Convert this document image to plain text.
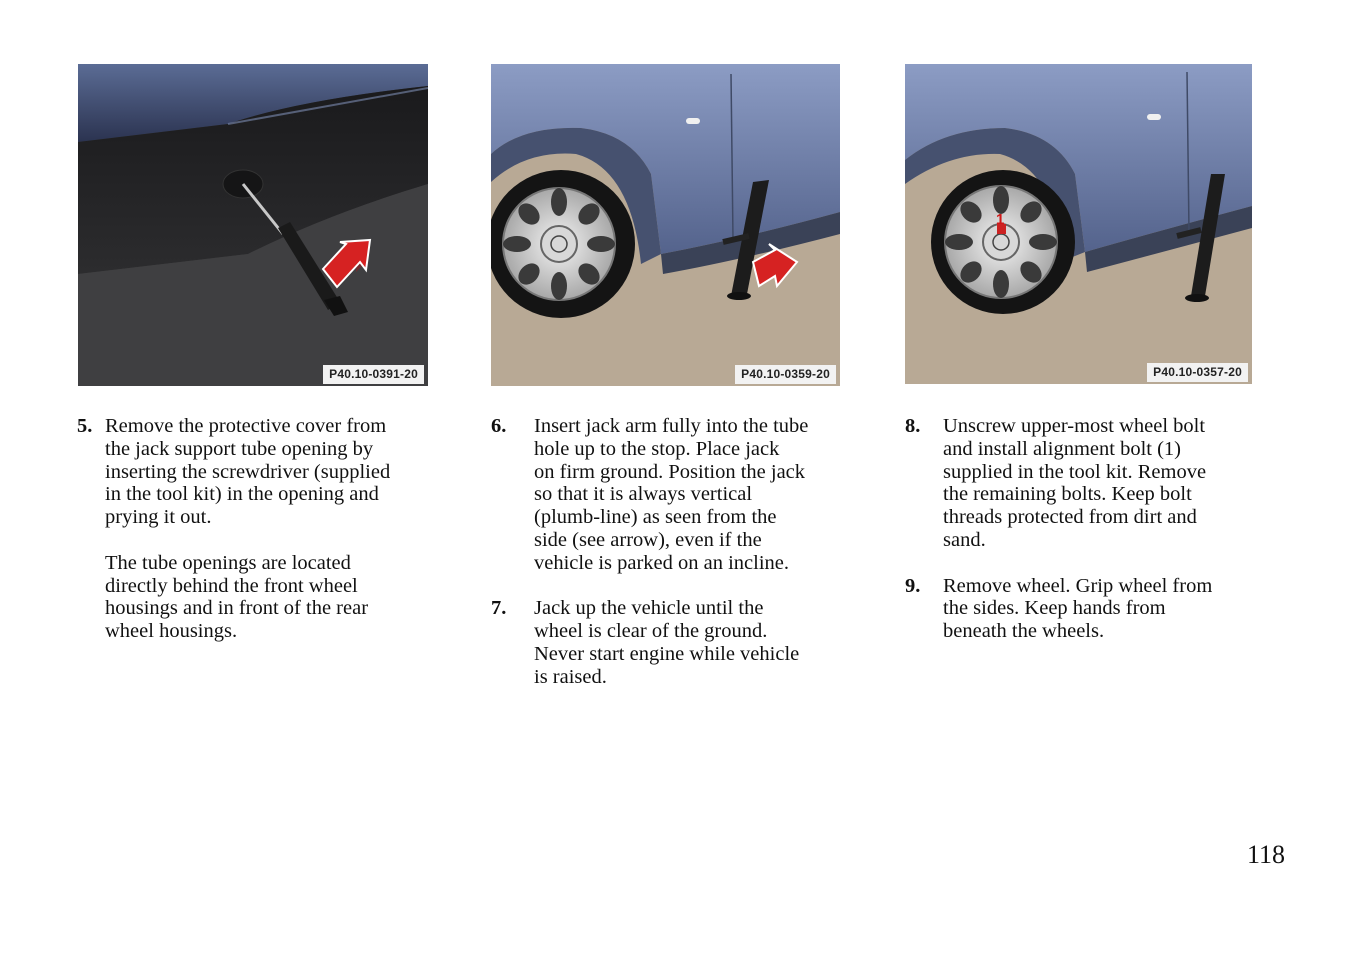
P40.10-0391-20	P40.10-0359-20
1
P40.10-0357-20
5. Remove the protective cover from
the jack support tube opening by
inserting the screwdriver (supplied
in the tool kit) in the opening and
prying it out.

The tube openings are located
directly behind the front wheel
housings and in front of the rear
wheel housings.

6.	Insert jack arm fully into the tube
hole up to the stop. Place jack
on firm ground. Position the jack
so that it is always vertical
(plumb-line) as seen from the
side (see arrow), even if the
vehicle is parked on an incline.
7.	Jack up the vehicle until the
wheel is clear of the ground.
Never start engine while vehicle
is raised.
8.	Unscrew upper-most wheel bolt
and install alignment bolt (1)
supplied in the tool kit. Remove
the remaining bolts. Keep bolt
threads protected from dirt and
sand.
9.	Remove wheel. Grip wheel from
the sides. Keep hands from
beneath the wheels.
118
